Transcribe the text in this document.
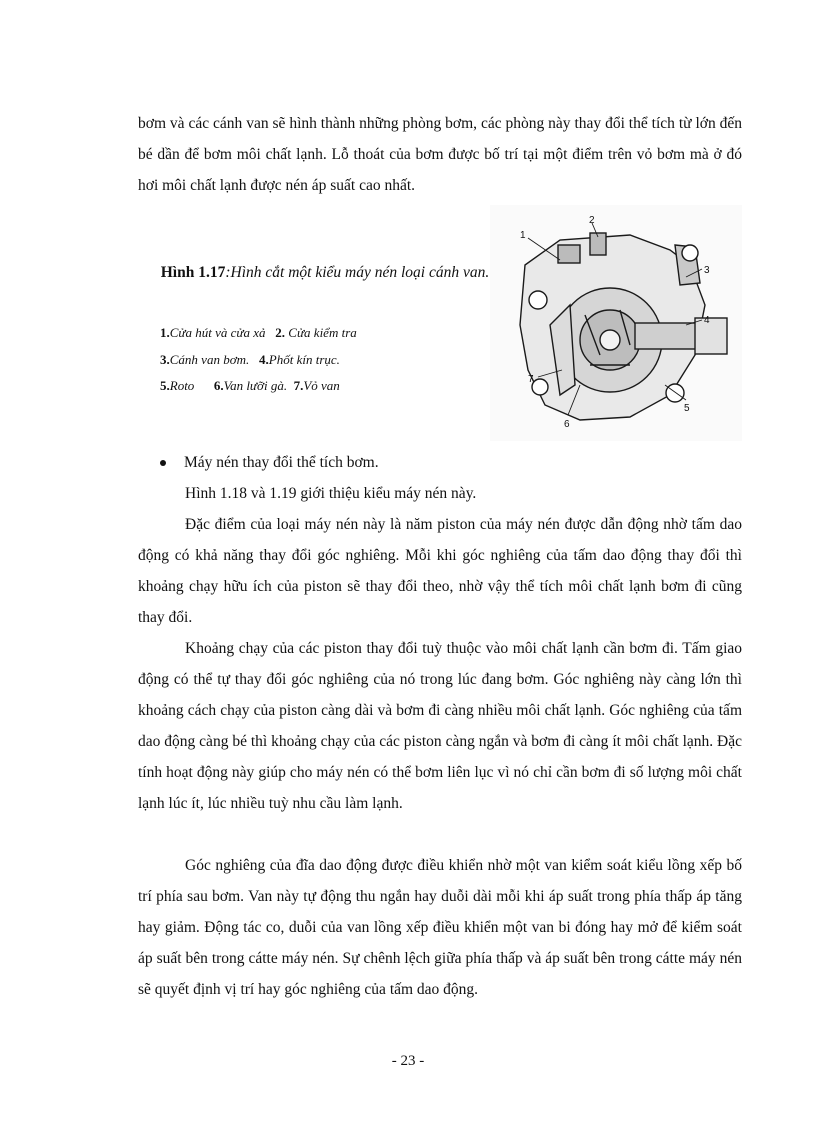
bơm và các cánh van sẽ hình thành những phòng bơm, các phòng này thay đổi thể tích từ lớn đến bé dần để bơm môi chất lạnh. Lỗ thoát của bơm được bố trí tại một điểm trên vỏ bơm mà ở đó hơi môi chất lạnh được nén áp suất cao nhất.

Hình 1.17:Hình cắt một kiểu máy nén loại cánh van.
1.Cửa hút và cửa xả 2. Cửa kiểm tra
3.Cánh van bơm. 4.Phốt kín trục.
5.Roto 6.Van lưỡi gà. 7.Vỏ van
1
2
3
4
5
6
7
Máy nén thay đổi thể tích bơm.

Hình 1.18 và 1.19 giới thiệu kiểu máy nén này.

Đặc điểm của loại máy nén này là năm piston của máy nén được dẫn động nhờ tấm dao động có khả năng thay đổi góc nghiêng. Mỗi khi góc nghiêng của tấm dao động thay đổi thì khoảng chạy hữu ích của piston sẽ thay đổi theo, nhờ vậy thể tích môi chất lạnh bơm đi cũng thay đổi.

Khoảng chạy của các piston thay đổi tuỳ thuộc vào môi chất lạnh cần bơm đi. Tấm giao động có thể tự thay đổi góc nghiêng của nó trong lúc đang bơm. Góc nghiêng này càng lớn thì khoảng cách chạy của piston càng dài và bơm đi càng nhiều môi chất lạnh. Góc nghiêng của tấm dao động càng bé thì khoảng chạy của các piston càng ngắn và bơm đi càng ít môi chất lạnh. Đặc tính hoạt động này giúp cho máy nén có thể bơm liên lục vì nó chỉ cần bơm đi số lượng môi chất lạnh lúc ít, lúc nhiều tuỳ nhu cầu làm lạnh.

Góc nghiêng của đĩa dao động được điều khiển nhờ một van kiểm soát kiểu lồng xếp bố trí phía sau bơm. Van này tự động thu ngắn hay duỗi dài mỗi khi áp suất trong phía thấp áp tăng hay giảm. Động tác co, duỗi của van lồng xếp điều khiển một van bi đóng hay mở để kiểm soát áp suất bên trong cátte máy nén. Sự chênh lệch giữa phía thấp và áp suất bên trong cátte máy nén sẽ quyết định vị trí hay góc nghiêng của tấm dao động.

- 23 -
